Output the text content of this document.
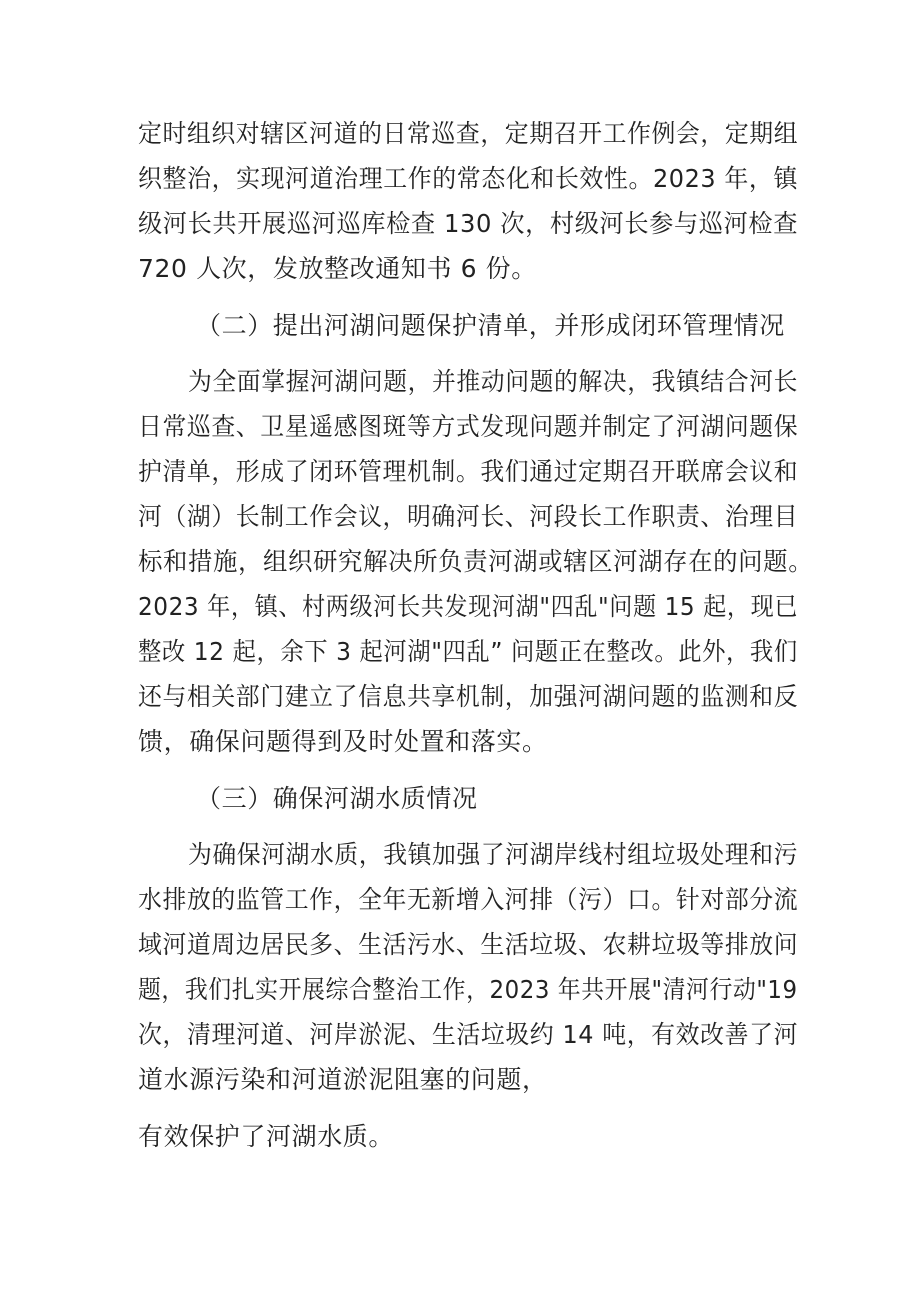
定时组织对辖区河道的日常巡查，定期召开工作例会，定期组
织整治，实现河道治理工作的常态化和长效性。2023 年，镇
级河长共开展巡河巡库检查 130 次，村级河长参与巡河检查
720 人次，发放整改通知书 6 份。
（二）提出河湖问题保护清单，并形成闭环管理情况
为全面掌握河湖问题，并推动问题的解决，我镇结合河长
日常巡查、卫星遥感图斑等方式发现问题并制定了河湖问题保
护清单，形成了闭环管理机制。我们通过定期召开联席会议和
河（湖）长制工作会议，明确河长、河段长工作职责、治理目
标和措施，组织研究解决所负责河湖或辖区河湖存在的问题。
2023 年，镇、村两级河长共发现河湖"四乱"问题 15 起，现已
整改 12 起，余下 3 起河湖"四乱” 问题正在整改。此外，我们
还与相关部门建立了信息共享机制，加强河湖问题的监测和反
馈，确保问题得到及时处置和落实。
（三）确保河湖水质情况
为确保河湖水质，我镇加强了河湖岸线村组垃圾处理和污
水排放的监管工作，全年无新增入河排（污）口。针对部分流
域河道周边居民多、生活污水、生活垃圾、农耕垃圾等排放问
题，我们扎实开展综合整治工作，2023 年共开展"清河行动"19
次，清理河道、河岸淤泥、生活垃圾约 14 吨，有效改善了河
道水源污染和河道淤泥阻塞的问题，
有效保护了河湖水质。
